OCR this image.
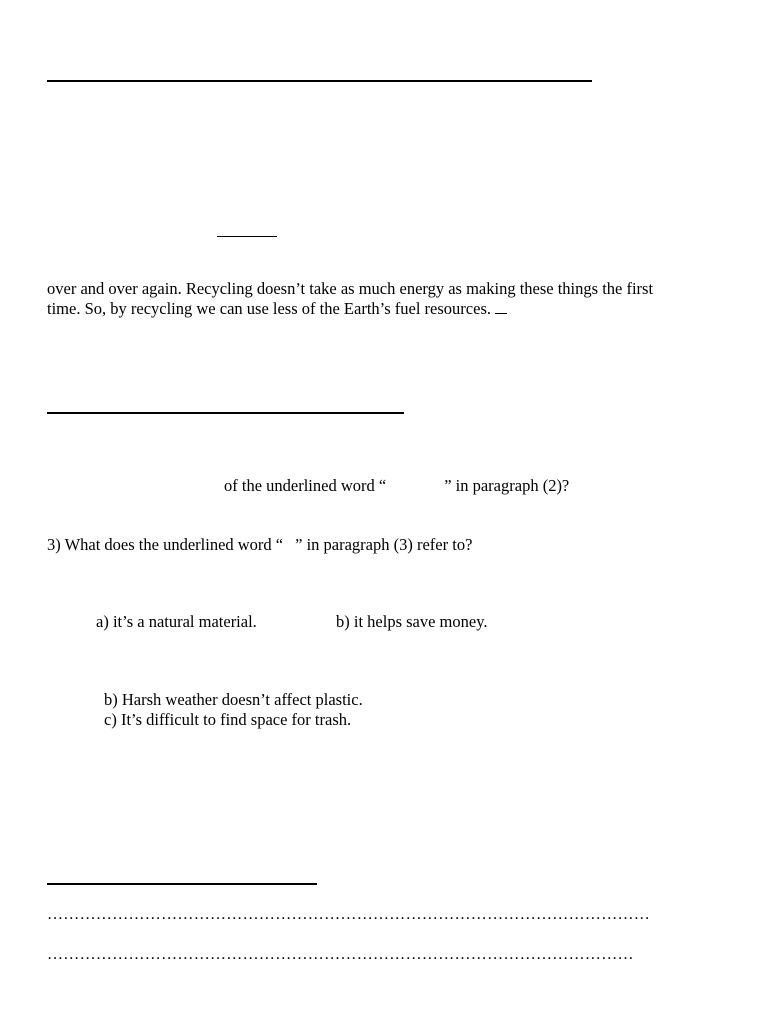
over and over again. Recycling doesn’t take as much energy as making these things the first
time. So, by recycling we can use less of the Earth’s fuel resources.
of the underlined word “	” in paragraph (2)?
3) What does the underlined word “ ” in paragraph (3) refer to?
a) it’s a natural material.	b) it helps save money.
b) Harsh weather doesn’t affect plastic.
c) It’s difficult to find space for trash.
…………………………………………………………………………………………………
………………………………………………………………………………………………
